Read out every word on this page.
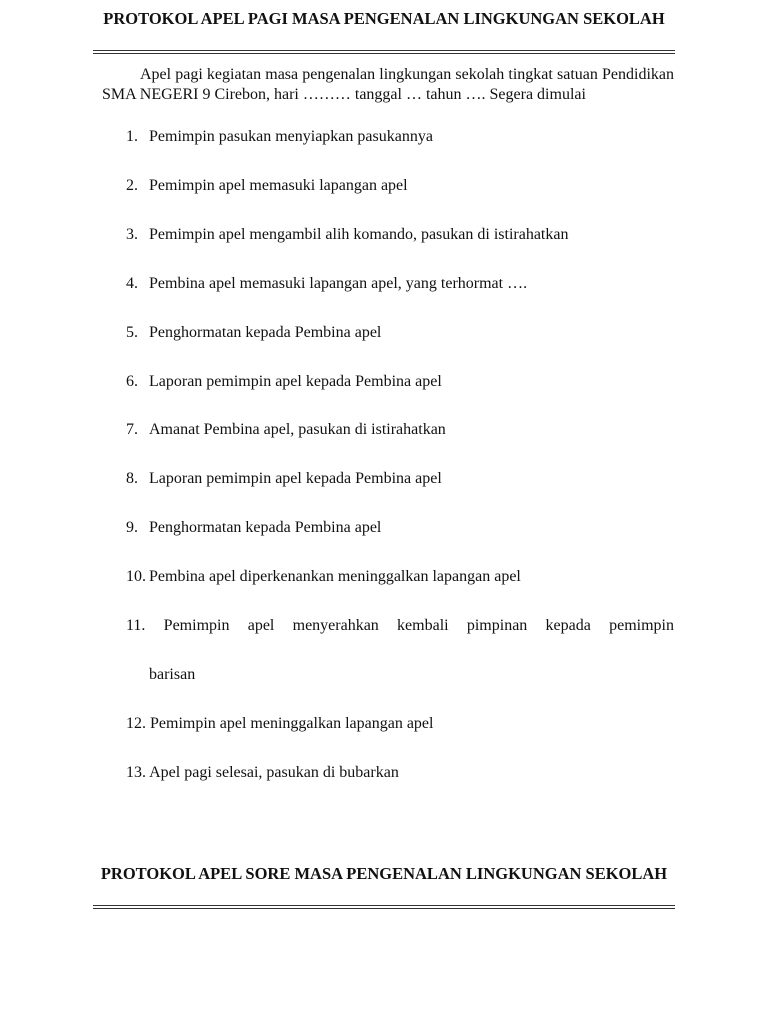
PROTOKOL APEL PAGI MASA PENGENALAN LINGKUNGAN SEKOLAH

Apel pagi kegiatan masa pengenalan lingkungan sekolah tingkat satuan Pendidikan SMA NEGERI 9 Cirebon, hari ……… tanggal … tahun …. Segera dimulai

1. Pemimpin pasukan menyiapkan pasukannya
2. Pemimpin apel memasuki lapangan apel
3. Pemimpin apel mengambil alih komando, pasukan di istirahatkan
4. Pembina apel memasuki lapangan apel, yang terhormat ….
5. Penghormatan kepada Pembina apel
6. Laporan pemimpin apel kepada Pembina apel
7. Amanat Pembina apel, pasukan di istirahatkan
8. Laporan pemimpin apel kepada Pembina apel
9. Penghormatan kepada Pembina apel
10. Pembina apel diperkenankan meninggalkan lapangan apel
11. Pemimpin apel menyerahkan kembali pimpinan kepada pemimpin
barisan
12. Pemimpin apel meninggalkan lapangan apel
13. Apel pagi selesai, pasukan di bubarkan
PROTOKOL APEL SORE MASA PENGENALAN LINGKUNGAN SEKOLAH
